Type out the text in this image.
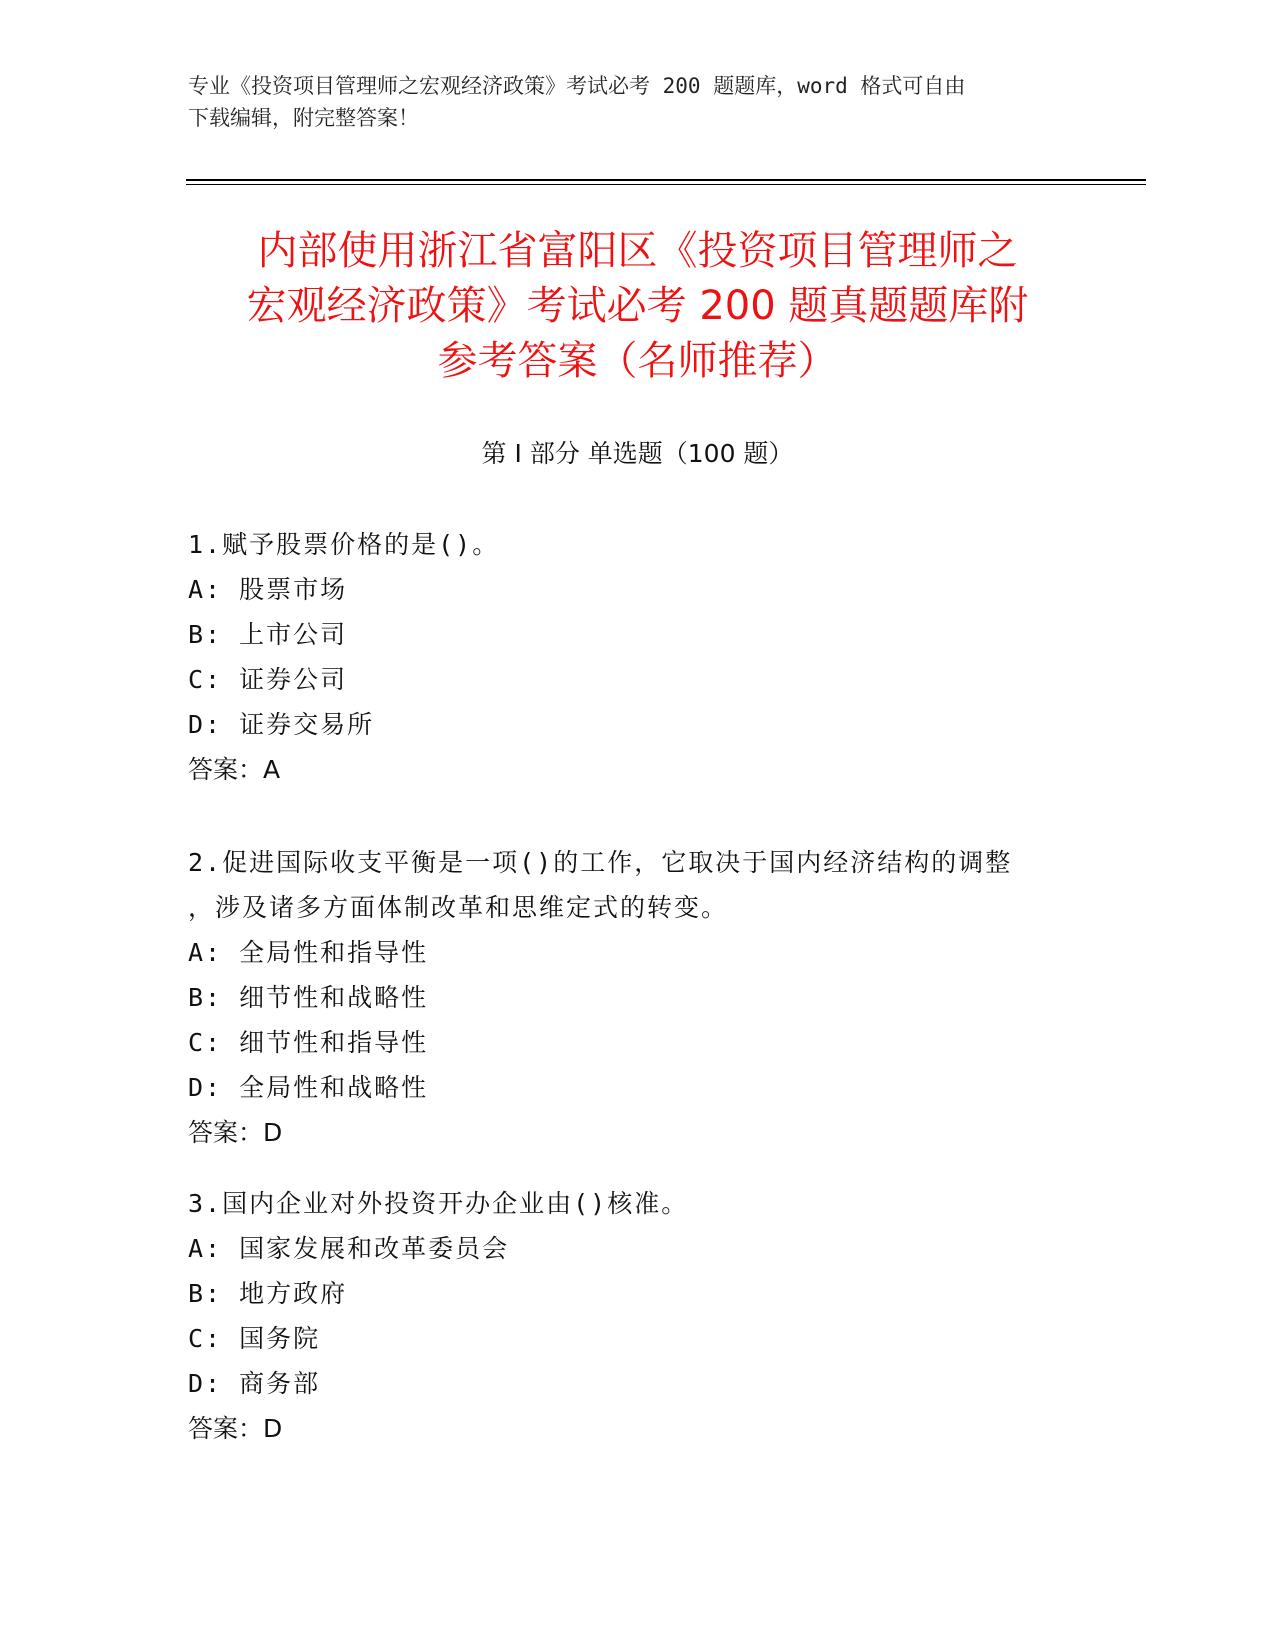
专业《投资项目管理师之宏观经济政策》考试必考 200 题题库，word 格式可自由
下载编辑，附完整答案！
内部使用浙江省富阳区《投资项目管理师之
宏观经济政策》考试必考 200 题真题题库附
参考答案（名师推荐）
第 I 部分 单选题（100 题）
1.赋予股票价格的是()。
A: 股票市场
B: 上市公司
C: 证券公司
D: 证券交易所
答案：A
2.促进国际收支平衡是一项()的工作，它取决于国内经济结构的调整
，涉及诸多方面体制改革和思维定式的转变。
A: 全局性和指导性
B: 细节性和战略性
C: 细节性和指导性
D: 全局性和战略性
答案：D
3.国内企业对外投资开办企业由()核准。
A: 国家发展和改革委员会
B: 地方政府
C: 国务院
D: 商务部
答案：D
